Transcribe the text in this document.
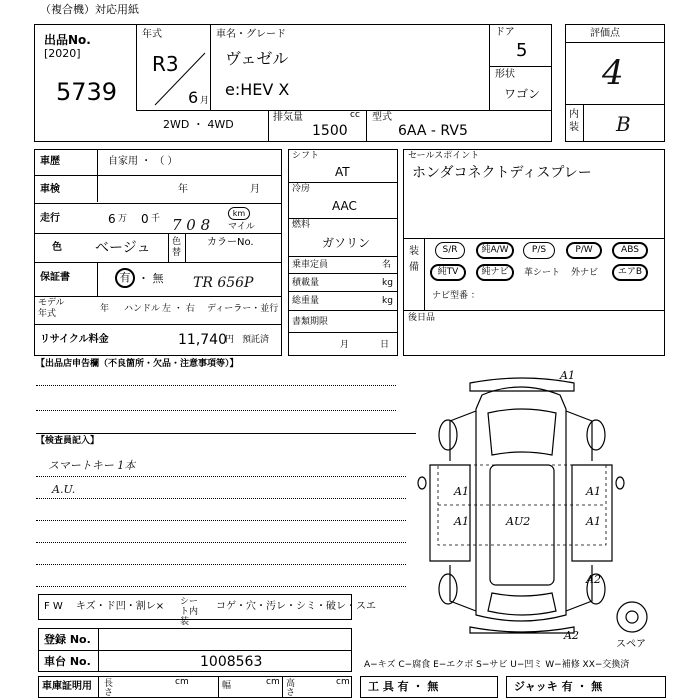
（複合機）対応用紙
出品No.
[2020]
5739
年式
R3
6 月
車名・グレード
ヴェゼル
e:HEV X
ドア
5
形状
ワゴン
2WD ・ 4WD
排気量	cc
1500
型式
6AA - RV5
評価点
4
内装 B
車歴	自家用 ・ （ ）
車検	年	月
走行	6 万 0 千 7 0 8
km
マイル
色 ベージュ 色替
カラーNo.
保証書	有 ・ 無 TR 656P
モデル年式	年 ハンドル 左 ・ 右 ディーラー・並行
リサイクル料金	11,740
円 預託済
シフト
AT
冷房
AAC
燃料
ガソリン
乗車定員	名
積載量	kg
総重量	kg
書類期限
月	日
セールスポイント
ホンダコネクトディスプレー
装備
S/R	純A/W	P/S	P/W	ABS
純TV	純ナビ	革シート 外ナビ	エアB
ナビ型番 ：
後日品
【出品店申告欄（不良箇所・欠品・注意事項等）】
【検査員記入】
スマートキー 1本
A.U.
A1
A1
A1
A1
A1
AU2
A2
A2
スペア
F W キズ・ド凹・割レ× シート内装
コゲ・穴・汚レ・シミ・破レ・スエ
登録 No.
車台 No.	1008563	A−キズ C−腐食 E−エクボ S−サビ U−凹ミ W−補修 XX−交換済
車庫証明用 長さ
cm	幅	cm 高さ
cm 工 具 有 ・ 無	ジャッキ 有 ・ 無
